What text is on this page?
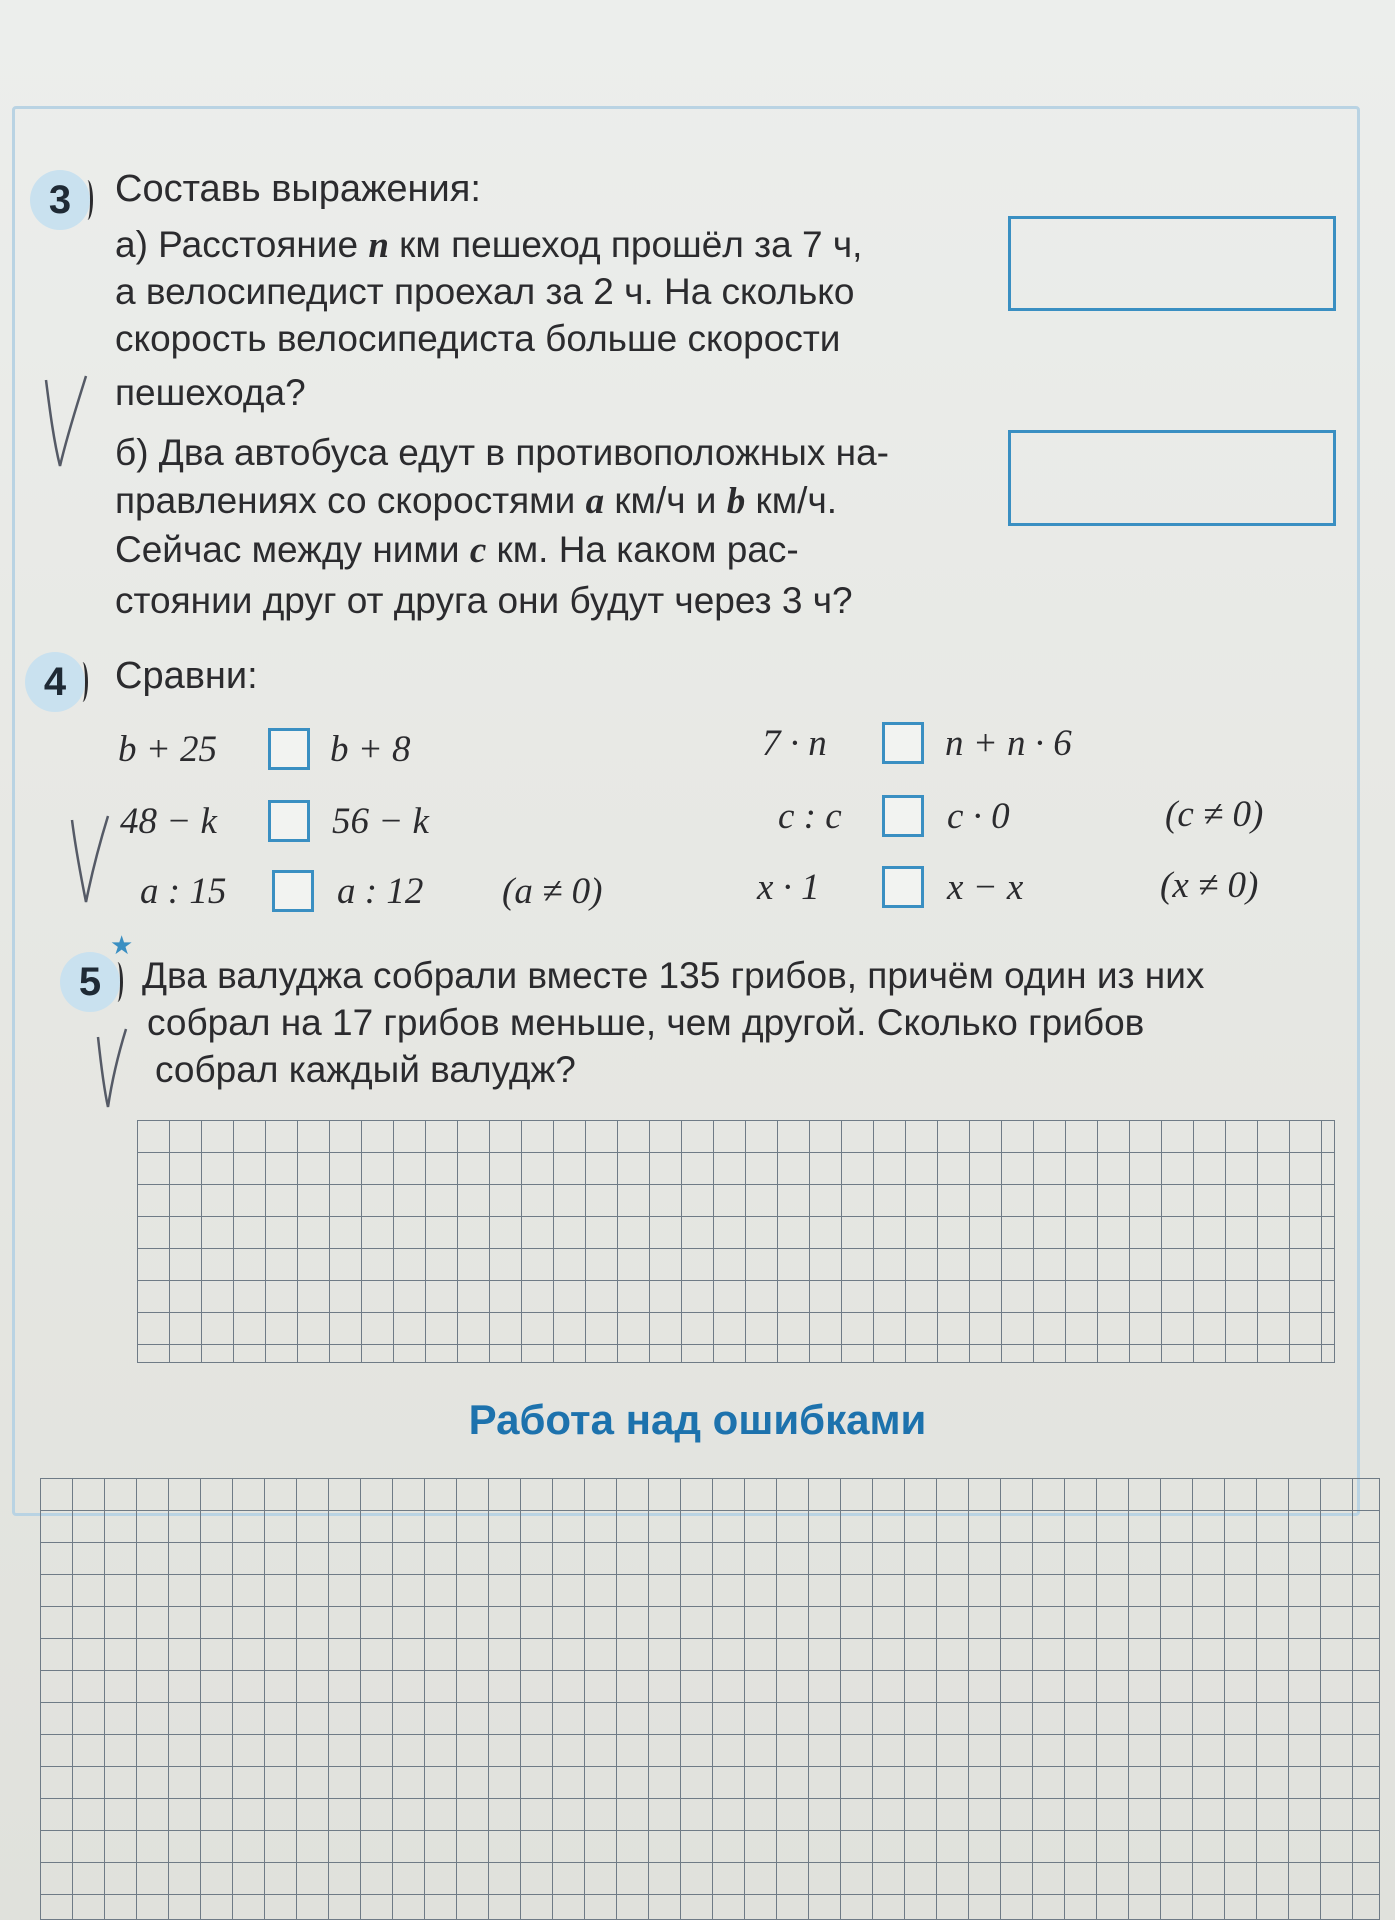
3 Составь выражения:
а) Расстояние n км пешеход прошёл за 7 ч,
а велосипедист проехал за 2 ч. На сколько
скорость велосипедиста больше скорости
пешехода?
б) Два автобуса едут в противоположных на-
правлениях со скоростями a км/ч и b км/ч.
Сейчас между ними c км. На каком рас-
стоянии друг от друга они будут через 3 ч?
4 Сравни:
b + 25	b + 8	7 · n	n + n · 6
48 − k	56 − k	c : c	c · 0	(c ≠ 0)
a : 15	a : 12 (a ≠ 0)	x · 1	x − x	(x ≠ 0)
★
5 Два валуджа собрали вместе 135 грибов, причём один из них
собрал на 17 грибов меньше, чем другой. Сколько грибов
собрал каждый валудж?
Работа над ошибками
